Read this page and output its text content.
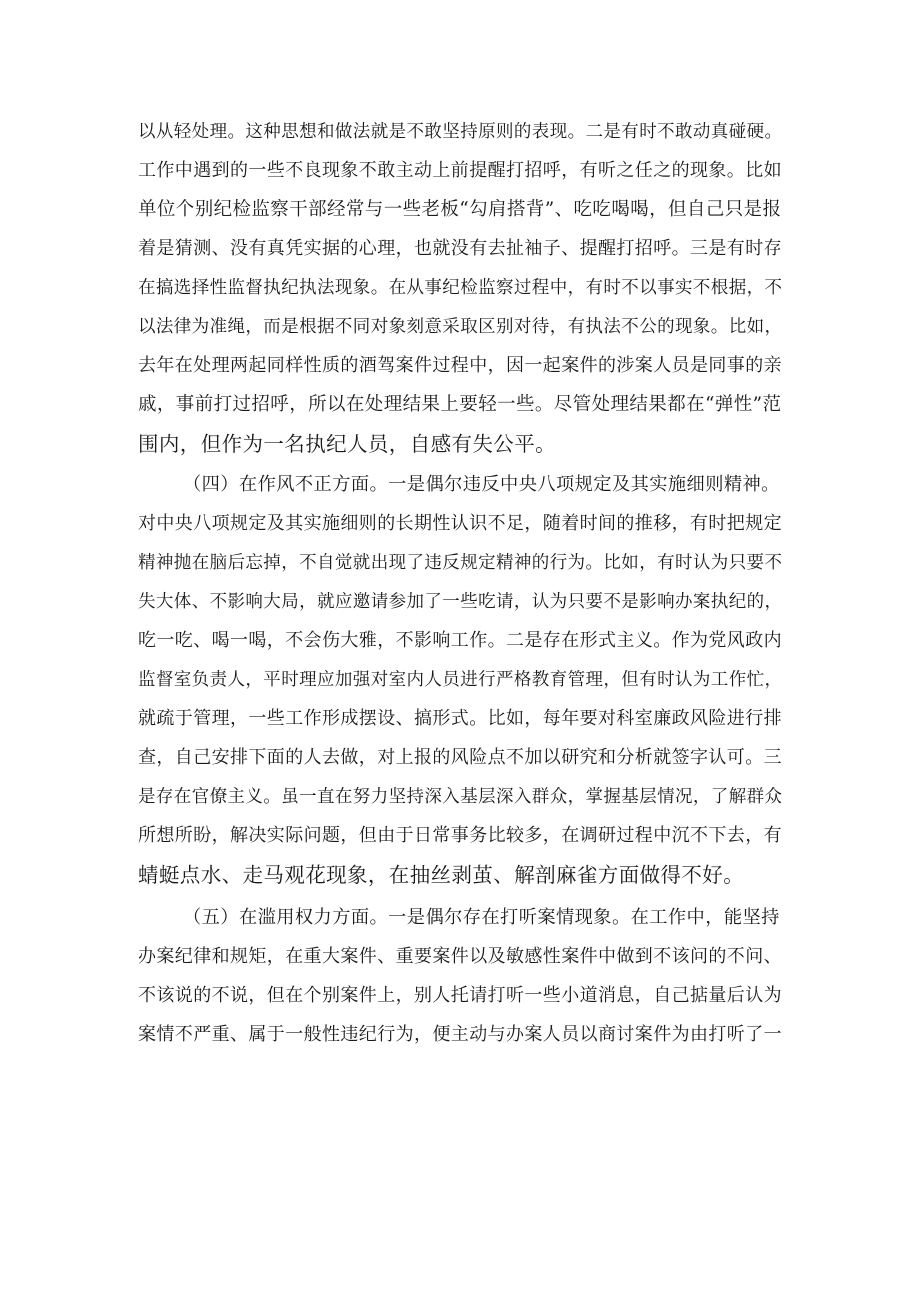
以从轻处理。这种思想和做法就是不敢坚持原则的表现。二是有时不敢动真碰硬。
工作中遇到的一些不良现象不敢主动上前提醒打招呼，有听之任之的现象。比如
单位个别纪检监察干部经常与一些老板“勾肩搭背”、吃吃喝喝，但自己只是报
着是猜测、没有真凭实据的心理，也就没有去扯袖子、提醒打招呼。三是有时存
在搞选择性监督执纪执法现象。在从事纪检监察过程中，有时不以事实不根据，不
以法律为准绳，而是根据不同对象刻意采取区别对待，有执法不公的现象。比如，
去年在处理两起同样性质的酒驾案件过程中，因一起案件的涉案人员是同事的亲
戚，事前打过招呼，所以在处理结果上要轻一些。尽管处理结果都在“弹性”范
围内，但作为一名执纪人员，自感有失公平。
（四）在作风不正方面。一是偶尔违反中央八项规定及其实施细则精神。
对中央八项规定及其实施细则的长期性认识不足，随着时间的推移，有时把规定
精神抛在脑后忘掉，不自觉就出现了违反规定精神的行为。比如，有时认为只要不
失大体、不影响大局，就应邀请参加了一些吃请，认为只要不是影响办案执纪的，
吃一吃、喝一喝，不会伤大雅，不影响工作。二是存在形式主义。作为党风政内
监督室负责人，平时理应加强对室内人员进行严格教育管理，但有时认为工作忙，
就疏于管理，一些工作形成摆设、搞形式。比如，每年要对科室廉政风险进行排
查，自己安排下面的人去做，对上报的风险点不加以研究和分析就签字认可。三
是存在官僚主义。虽一直在努力坚持深入基层深入群众，掌握基层情况，了解群众
所想所盼，解决实际问题，但由于日常事务比较多，在调研过程中沉不下去，有
蜻蜓点水、走马观花现象，在抽丝剥茧、解剖麻雀方面做得不好。
（五）在滥用权力方面。一是偶尔存在打听案情现象。在工作中，能坚持
办案纪律和规矩，在重大案件、重要案件以及敏感性案件中做到不该问的不问、
不该说的不说，但在个别案件上，别人托请打听一些小道消息，自己掂量后认为
案情不严重、属于一般性违纪行为，便主动与办案人员以商讨案件为由打听了一
